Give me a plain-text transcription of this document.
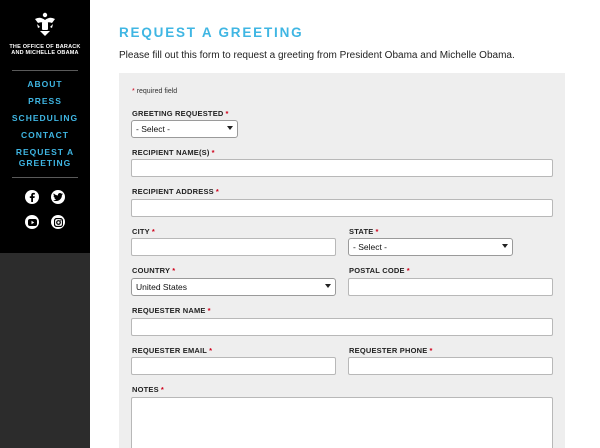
THE OFFICE OF BARACK AND MICHELLE OBAMA
ABOUT
PRESS
SCHEDULING
CONTACT
REQUEST A
GREETING
REQUEST A GREETING
Please fill out this form to request a greeting from President Obama and Michelle Obama.
* required field
GREETING REQUESTED *
- Select -
RECIPIENT NAME(S) *
RECIPIENT ADDRESS *
CITY *	STATE *
- Select -
COUNTRY *
United States
POSTAL CODE *
REQUESTER NAME *
REQUESTER EMAIL *	REQUESTER PHONE *
NOTES *
